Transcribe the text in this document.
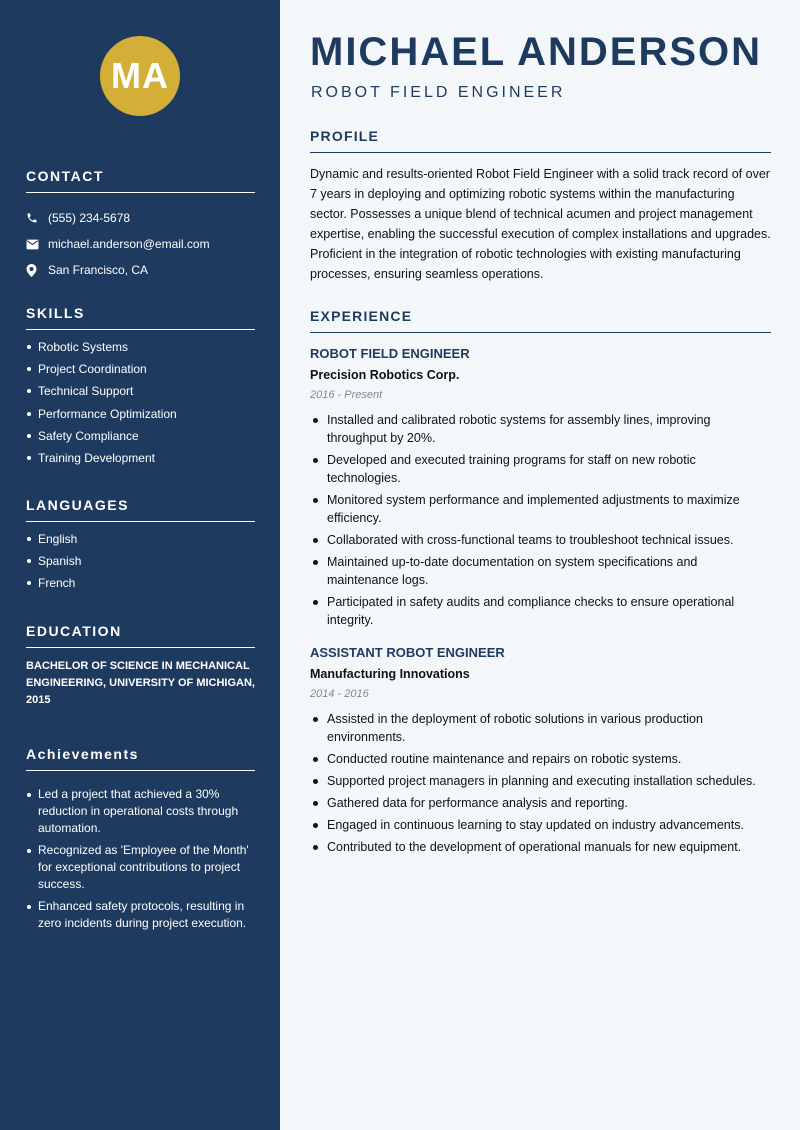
MA
CONTACT
(555) 234-5678
michael.anderson@email.com
San Francisco, CA
SKILLS
Robotic Systems
Project Coordination
Technical Support
Performance Optimization
Safety Compliance
Training Development
LANGUAGES
English
Spanish
French
EDUCATION
BACHELOR OF SCIENCE IN MECHANICAL ENGINEERING, UNIVERSITY OF MICHIGAN, 2015
Achievements
Led a project that achieved a 30% reduction in operational costs through automation.
Recognized as 'Employee of the Month' for exceptional contributions to project success.
Enhanced safety protocols, resulting in zero incidents during project execution.
MICHAEL ANDERSON
ROBOT FIELD ENGINEER
PROFILE

Dynamic and results-oriented Robot Field Engineer with a solid track record of over 7 years in deploying and optimizing robotic systems within the manufacturing sector. Possesses a unique blend of technical acumen and project management expertise, enabling the successful execution of complex installations and upgrades. Proficient in the integration of robotic technologies with existing manufacturing processes, ensuring seamless operations.

EXPERIENCE
ROBOT FIELD ENGINEER
Precision Robotics Corp.
2016 - Present
Installed and calibrated robotic systems for assembly lines, improving throughput by 20%.
Developed and executed training programs for staff on new robotic technologies.
Monitored system performance and implemented adjustments to maximize efficiency.
Collaborated with cross-functional teams to troubleshoot technical issues.
Maintained up-to-date documentation on system specifications and maintenance logs.
Participated in safety audits and compliance checks to ensure operational integrity.
ASSISTANT ROBOT ENGINEER
Manufacturing Innovations
2014 - 2016
Assisted in the deployment of robotic solutions in various production environments.
Conducted routine maintenance and repairs on robotic systems.
Supported project managers in planning and executing installation schedules.
Gathered data for performance analysis and reporting.
Engaged in continuous learning to stay updated on industry advancements.
Contributed to the development of operational manuals for new equipment.
